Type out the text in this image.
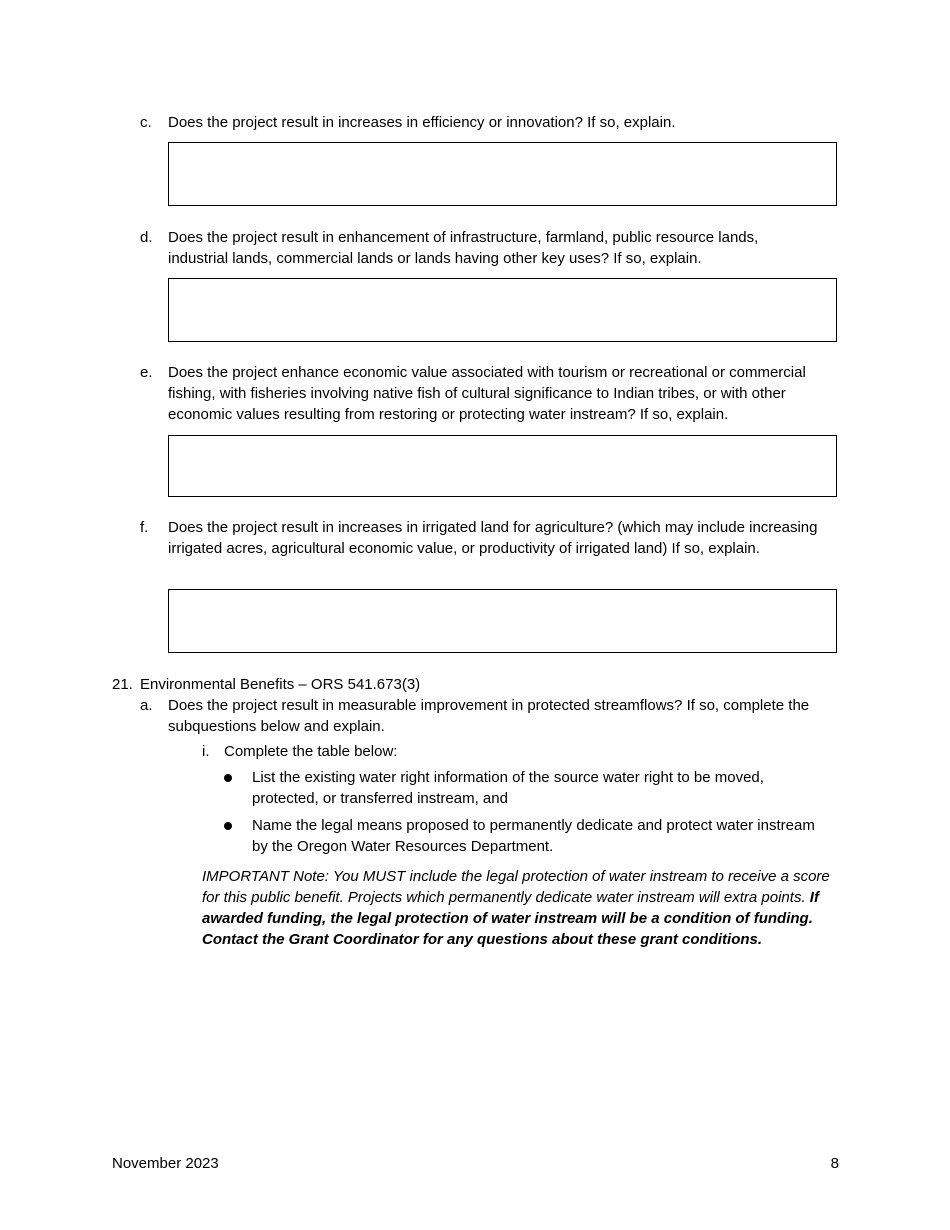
c. Does the project result in increases in efficiency or innovation? If so, explain.
d. Does the project result in enhancement of infrastructure, farmland, public resource lands, industrial lands, commercial lands or lands having other key uses? If so, explain.
e. Does the project enhance economic value associated with tourism or recreational or commercial fishing, with fisheries involving native fish of cultural significance to Indian tribes, or with other economic values resulting from restoring or protecting water instream? If so, explain.
f. Does the project result in increases in irrigated land for agriculture? (which may include increasing irrigated acres, agricultural economic value, or productivity of irrigated land) If so, explain.
21. Environmental Benefits – ORS 541.673(3)
a. Does the project result in measurable improvement in protected streamflows? If so, complete the subquestions below and explain.
i. Complete the table below:
List the existing water right information of the source water right to be moved, protected, or transferred instream, and
Name the legal means proposed to permanently dedicate and protect water instream by the Oregon Water Resources Department.
IMPORTANT Note: You MUST include the legal protection of water instream to receive a score for this public benefit. Projects which permanently dedicate water instream will extra points. If awarded funding, the legal protection of water instream will be a condition of funding. Contact the Grant Coordinator for any questions about these grant conditions.
November 2023	8
